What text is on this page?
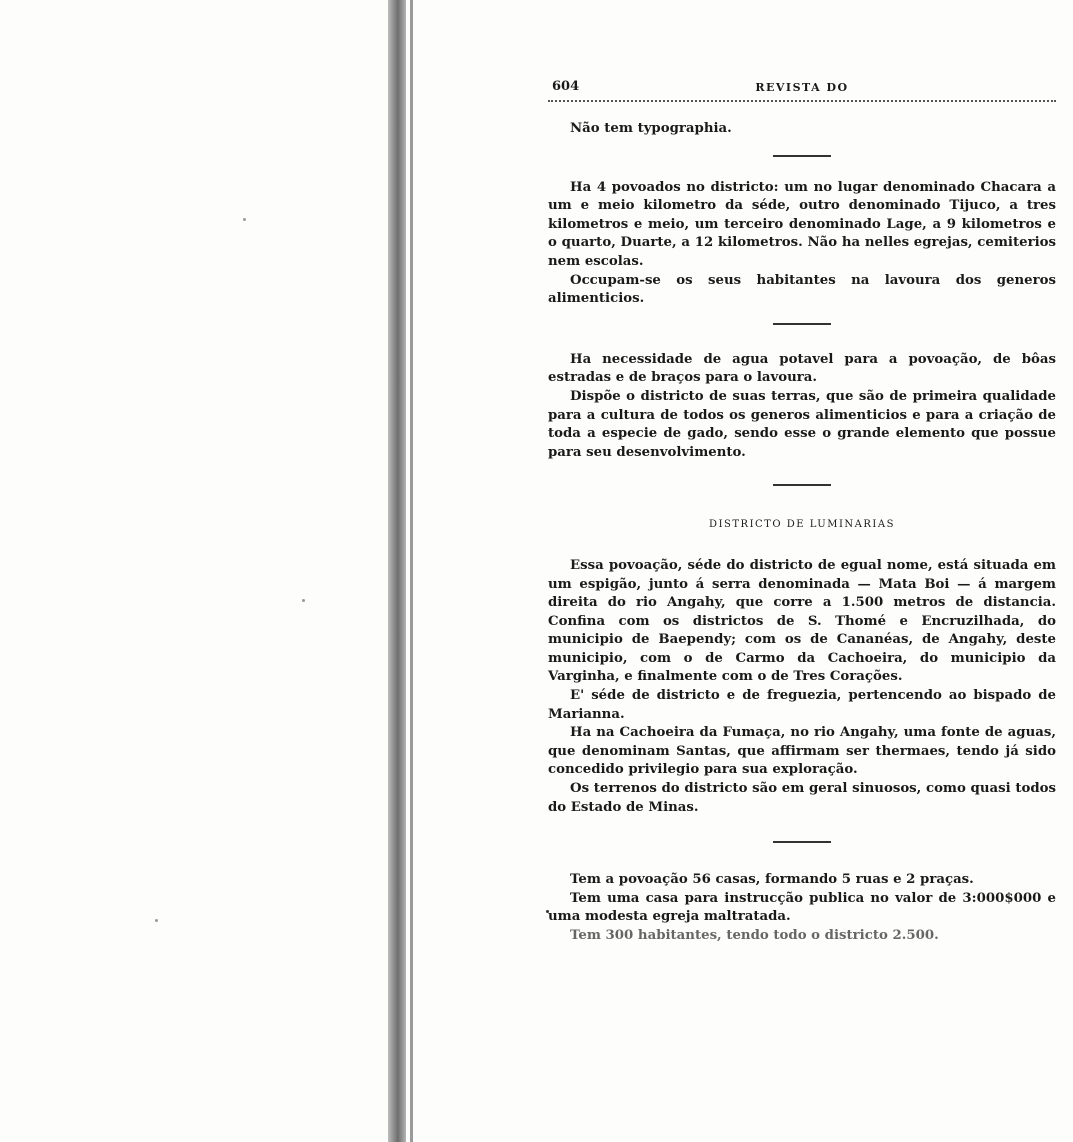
604	REVISTA DO

Não tem typographia.

Ha 4 povoados no districto: um no lugar denominado Chacara a um e meio kilometro da séde, outro denominado Tijuco, a tres kilometros e meio, um terceiro denominado Lage, a 9 kilometros e o quarto, Duarte, a 12 kilometros. Não ha nelles egrejas, cemiterios nem escolas.

Occupam-se os seus habitantes na lavoura dos generos alimenticios.

Ha necessidade de agua potavel para a povoação, de bôas estradas e de braços para o lavoura.

Dispõe o districto de suas terras, que são de primeira qualidade para a cultura de todos os generos alimenticios e para a criação de toda a especie de gado, sendo esse o grande elemento que possue para seu desenvolvimento.

DISTRICTO DE LUMINARIAS

Essa povoação, séde do districto de egual nome, está situada em um espigão, junto á serra denominada — Mata Boi — á margem direita do rio Angahy, que corre a 1.500 metros de distancia. Confina com os districtos de S. Thomé e Encruzilhada, do municipio de Baependy; com os de Cananéas, de Angahy, deste municipio, com o de Carmo da Cachoeira, do municipio da Varginha, e finalmente com o de Tres Corações.

E' séde de districto e de freguezia, pertencendo ao bispado de Marianna.

Ha na Cachoeira da Fumaça, no rio Angahy, uma fonte de aguas, que denominam Santas, que affirmam ser thermaes, tendo já sido concedido privilegio para sua exploração.

Os terrenos do districto são em geral sinuosos, como quasi todos do Estado de Minas.

Tem a povoação 56 casas, formando 5 ruas e 2 praças.

Tem uma casa para instrucção publica no valor de 3:000$000 e uma modesta egreja maltratada.

Tem 300 habitantes, tendo todo o districto 2.500.
